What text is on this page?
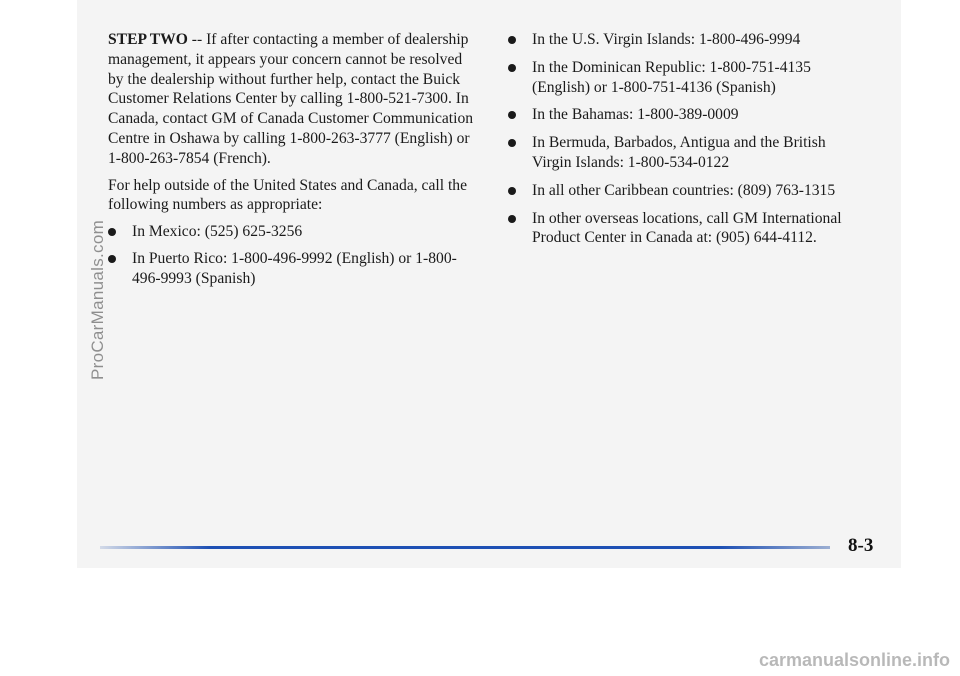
STEP TWO -- If after contacting a member of dealership management, it appears your concern cannot be resolved by the dealership without further help, contact the Buick Customer Relations Center by calling 1-800-521-7300. In Canada, contact GM of Canada Customer Communication Centre in Oshawa by calling 1-800-263-3777 (English) or 1-800-263-7854 (French).

For help outside of the United States and Canada, call the following numbers as appropriate:

In Mexico: (525) 625-3256
In Puerto Rico: 1-800-496-9992 (English) or 1-800-496-9993 (Spanish)
In the U.S. Virgin Islands: 1-800-496-9994
In the Dominican Republic: 1-800-751-4135 (English) or 1-800-751-4136 (Spanish)
In the Bahamas: 1-800-389-0009
In Bermuda, Barbados, Antigua and the British Virgin Islands: 1-800-534-0122
In all other Caribbean countries: (809) 763-1315
In other overseas locations, call GM International Product Center in Canada at: (905) 644-4112.
8-3
ProCarManuals.com
carmanualsonline.info
